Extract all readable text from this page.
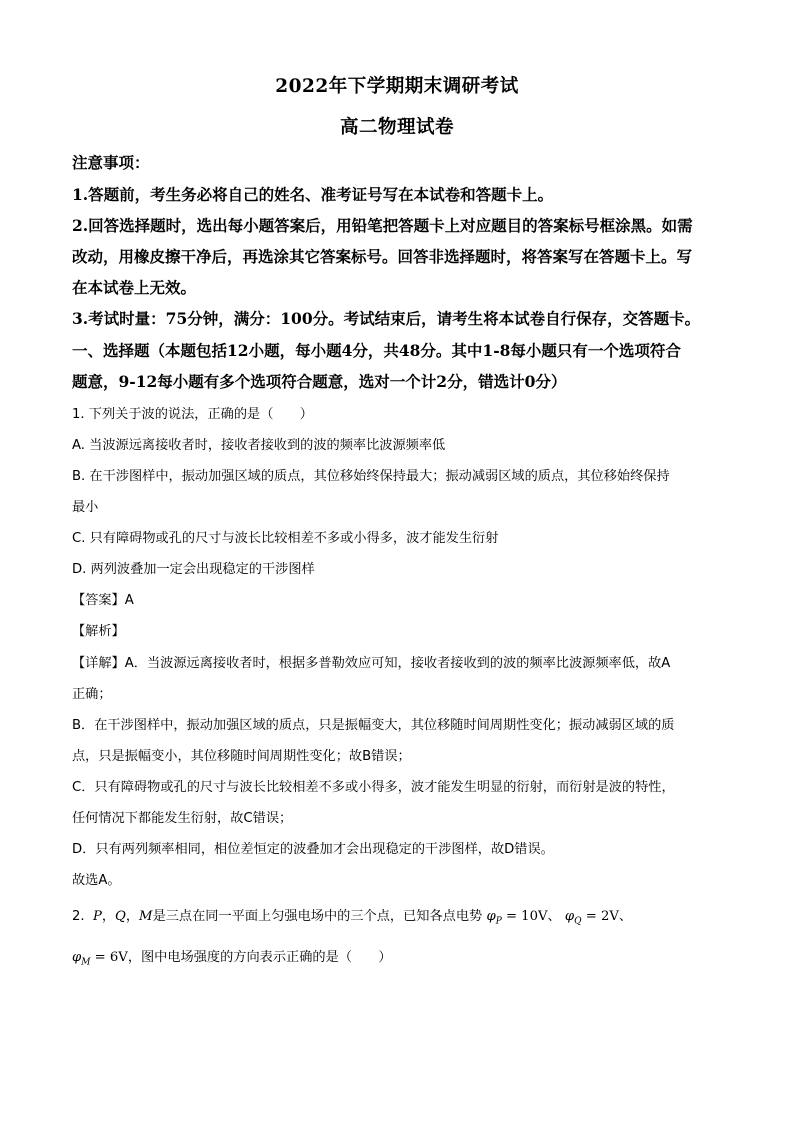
2022年下学期期末调研考试
高二物理试卷
注意事项：
1.答题前，考生务必将自己的姓名、准考证号写在本试卷和答题卡上。
2.回答选择题时，选出每小题答案后，用铅笔把答题卡上对应题目的答案标号框涂黑。如需
改动，用橡皮擦干净后，再选涂其它答案标号。回答非选择题时，将答案写在答题卡上。写
在本试卷上无效。
3.考试时量：75分钟，满分：100分。考试结束后，请考生将本试卷自行保存，交答题卡。
一、选择题（本题包括12小题，每小题4分，共48分。其中1-8每小题只有一个选项符合
题意，9-12每小题有多个选项符合题意，选对一个计2分，错选计0分）
1. 下列关于波的说法，正确的是（　　）
A. 当波源远离接收者时，接收者接收到的波的频率比波源频率低
B. 在干涉图样中，振动加强区域的质点，其位移始终保持最大；振动减弱区域的质点，其位移始终保持
最小
C. 只有障碍物或孔的尺寸与波长比较相差不多或小得多，波才能发生衍射
D. 两列波叠加一定会出现稳定的干涉图样
【答案】A
【解析】
【详解】A．当波源远离接收者时，根据多普勒效应可知，接收者接收到的波的频率比波源频率低，故A
正确；
B．在干涉图样中，振动加强区域的质点，只是振幅变大，其位移随时间周期性变化；振动减弱区域的质
点，只是振幅变小，其位移随时间周期性变化；故B错误；
C．只有障碍物或孔的尺寸与波长比较相差不多或小得多，波才能发生明显的衍射，而衍射是波的特性，
任何情况下都能发生衍射，故C错误；
D．只有两列频率相同，相位差恒定的波叠加才会出现稳定的干涉图样，故D错误。
故选A。
2. P，Q，M是三点在同一平面上匀强电场中的三个点，已知各点电势 $\varphi_P = 10V$、 $\varphi_Q = 2V$、
$\varphi_M = 6V$，图中电场强度的方向表示正确的是（　　）
